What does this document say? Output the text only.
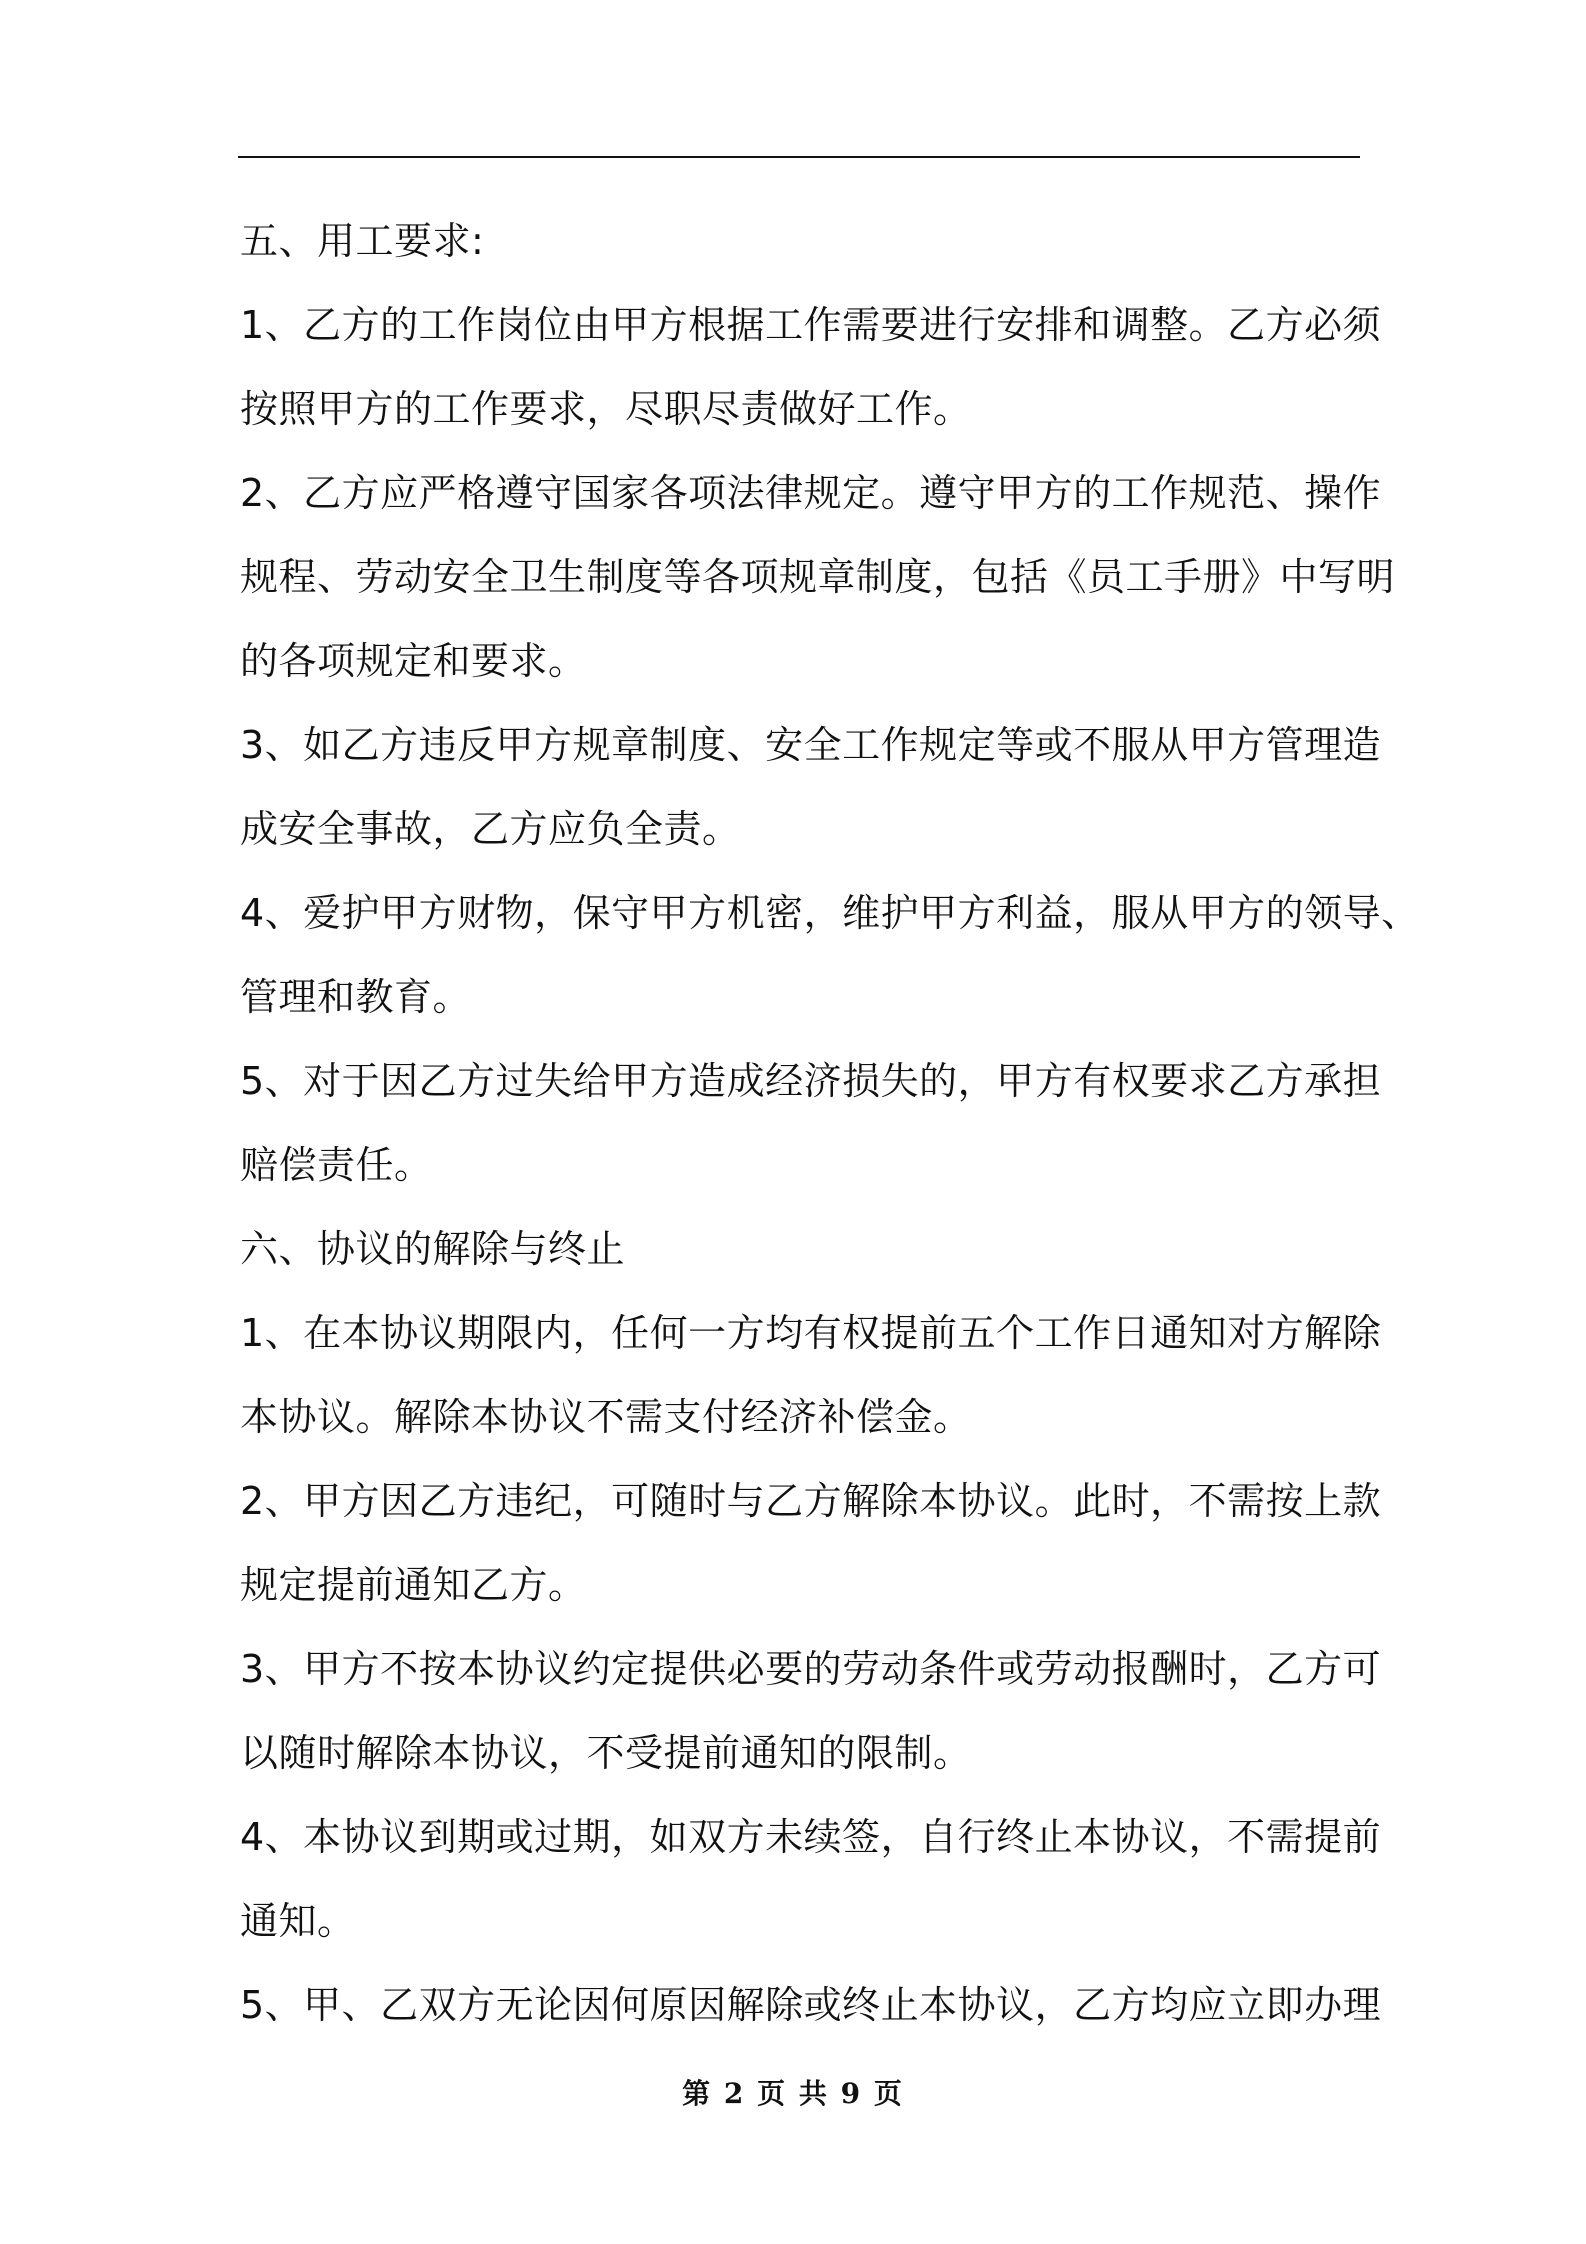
五、用工要求:
1、乙方的工作岗位由甲方根据工作需要进行安排和调整。乙方必须
按照甲方的工作要求，尽职尽责做好工作。
2、乙方应严格遵守国家各项法律规定。遵守甲方的工作规范、操作
规程、劳动安全卫生制度等各项规章制度，包括《员工手册》中写明
的各项规定和要求。
3、如乙方违反甲方规章制度、安全工作规定等或不服从甲方管理造
成安全事故，乙方应负全责。
4、爱护甲方财物，保守甲方机密，维护甲方利益，服从甲方的领导、
管理和教育。
5、对于因乙方过失给甲方造成经济损失的，甲方有权要求乙方承担
赔偿责任。
六、协议的解除与终止
1、在本协议期限内，任何一方均有权提前五个工作日通知对方解除
本协议。解除本协议不需支付经济补偿金。
2、甲方因乙方违纪，可随时与乙方解除本协议。此时，不需按上款
规定提前通知乙方。
3、甲方不按本协议约定提供必要的劳动条件或劳动报酬时，乙方可
以随时解除本协议，不受提前通知的限制。
4、本协议到期或过期，如双方未续签，自行终止本协议，不需提前
通知。
5、甲、乙双方无论因何原因解除或终止本协议，乙方均应立即办理
第 2 页 共 9 页
